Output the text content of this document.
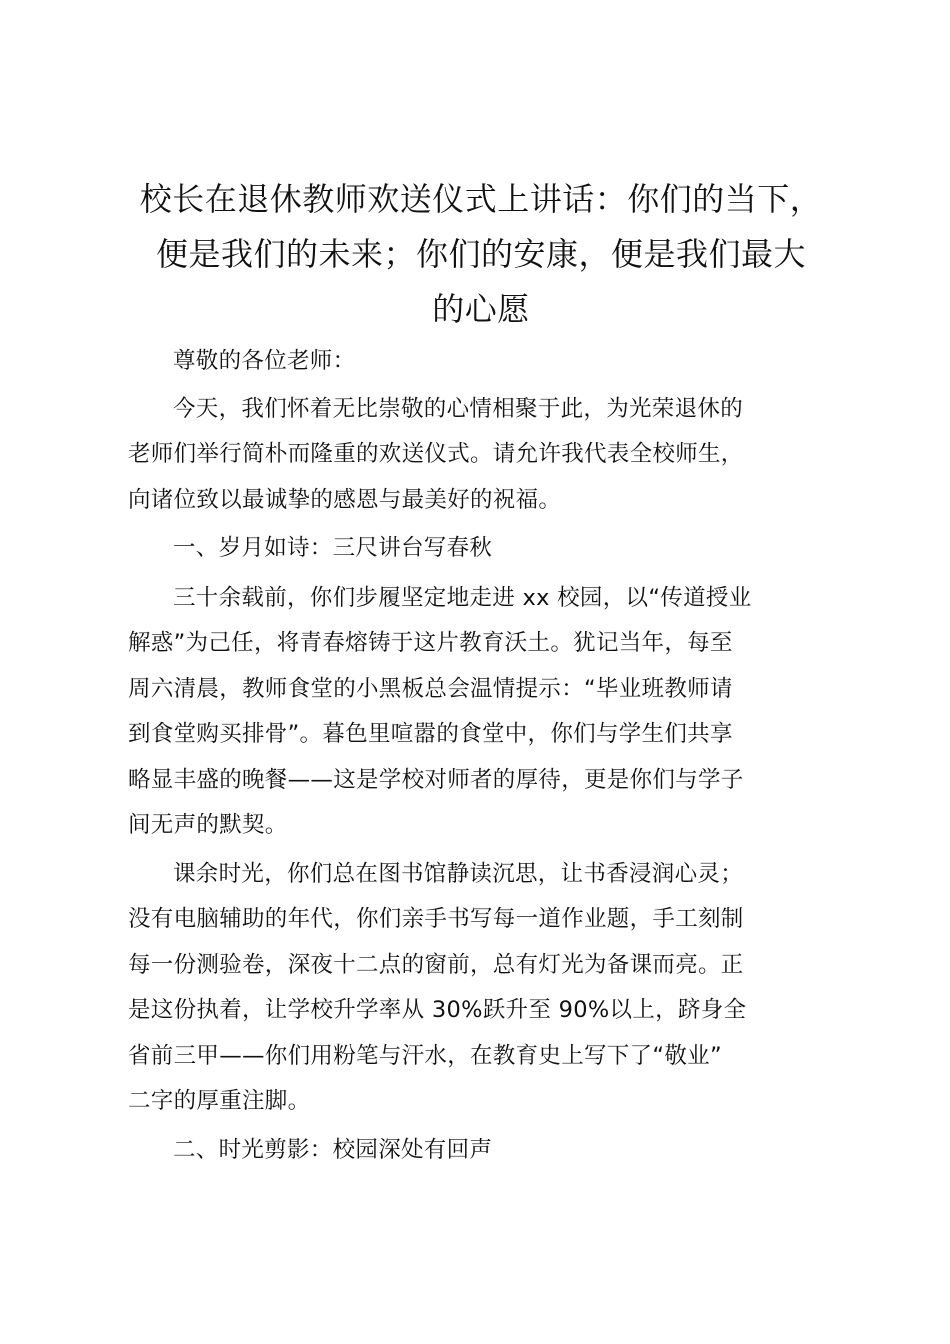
校长在退休教师欢送仪式上讲话：你们的当下，
便是我们的未来；你们的安康，便是我们最大
的心愿

尊敬的各位老师：

今天，我们怀着无比崇敬的心情相聚于此，为光荣退休的
老师们举行简朴而隆重的欢送仪式。请允许我代表全校师生，
向诸位致以最诚挚的感恩与最美好的祝福。

一、岁月如诗：三尺讲台写春秋

三十余载前，你们步履坚定地走进 xx 校园，以“传道授业
解惑”为己任，将青春熔铸于这片教育沃土。犹记当年，每至
周六清晨，教师食堂的小黑板总会温情提示：“毕业班教师请
到食堂购买排骨”。暮色里喧嚣的食堂中，你们与学生们共享
略显丰盛的晚餐——这是学校对师者的厚待，更是你们与学子
间无声的默契。
课余时光，你们总在图书馆静读沉思，让书香浸润心灵；
没有电脑辅助的年代，你们亲手书写每一道作业题，手工刻制
每一份测验卷，深夜十二点的窗前，总有灯光为备课而亮。正
是这份执着，让学校升学率从 30%跃升至 90%以上，跻身全
省前三甲——你们用粉笔与汗水，在教育史上写下了“敬业”
二字的厚重注脚。

二、时光剪影：校园深处有回声
